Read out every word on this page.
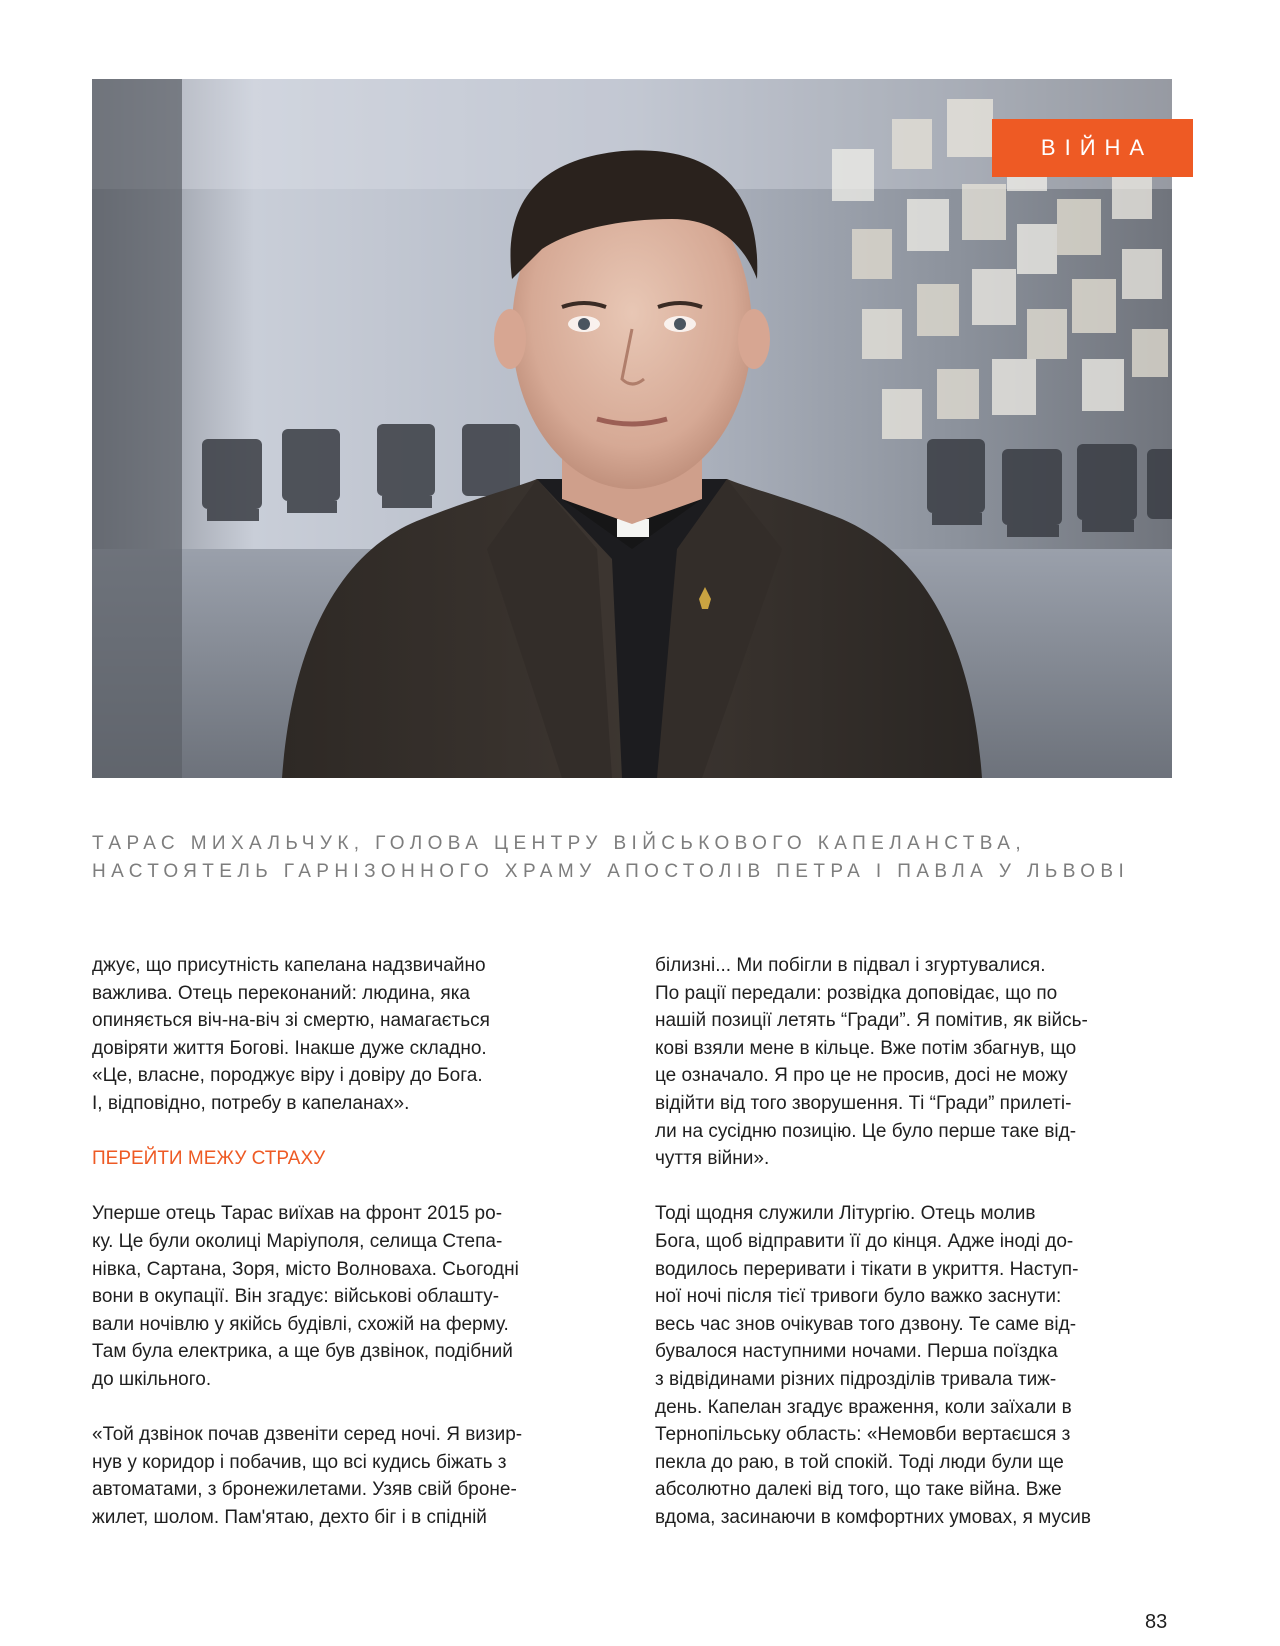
ВІЙНА
ТАРАС МИХАЛЬЧУК, ГОЛОВА ЦЕНТРУ ВІЙСЬКОВОГО КАПЕЛАНСТВА,
НАСТОЯТЕЛЬ ГАРНІЗОННОГО ХРАМУ АПОСТОЛІВ ПЕТРА І ПАВЛА У ЛЬВОВІ

джує, що присутність капелана надзвичайно
важлива. Отець переконаний: людина, яка
опиняється віч-на-віч зі смертю, намагається
довіряти життя Богові. Інакше дуже складно.
«Це, власне, породжує віру і довіру до Бога.
І, відповідно, потребу в капеланах».

ПЕРЕЙТИ МЕЖУ СТРАХУ

Уперше отець Тарас виїхав на фронт 2015 ро-
ку. Це були околиці Маріуполя, селища Степа-
нівка, Сартана, Зоря, місто Волноваха. Сьогодні
вони в окупації. Він згадує: військові облашту-
вали ночівлю у якійсь будівлі, схожій на ферму.
Там була електрика, а ще був дзвінок, подібний
до шкільного.

«Той дзвінок почав дзвеніти серед ночі. Я визир-
нув у коридор і побачив, що всі кудись біжать з
автоматами, з бронежилетами. Узяв свій броне-
жилет, шолом. Пам'ятаю, дехто біг і в спідній

білизні... Ми побігли в підвал і згуртувалися.
По рації передали: розвідка доповідає, що по
нашій позиції летять “Гради”. Я помітив, як війсь-
кові взяли мене в кільце. Вже потім збагнув, що
це означало. Я про це не просив, досі не можу
відійти від того зворушення. Ті “Гради” прилеті-
ли на сусідню позицію. Це було перше таке від-
чуття війни».

Тоді щодня служили Літургію. Отець молив
Бога, щоб відправити її до кінця. Адже іноді до-
водилось переривати і тікати в укриття. Наступ-
ної ночі після тієї тривоги було важко заснути:
весь час знов очікував того дзвону. Те саме від-
бувалося наступними ночами. Перша поїздка
з відвідинами різних підрозділів тривала тиж-
день. Капелан згадує враження, коли заїхали в
Тернопільську область: «Немовби вертаєшся з
пекла до раю, в той спокій. Тоді люди були ще
абсолютно далекі від того, що таке війна. Вже
вдома, засинаючи в комфортних умовах, я мусив

83
